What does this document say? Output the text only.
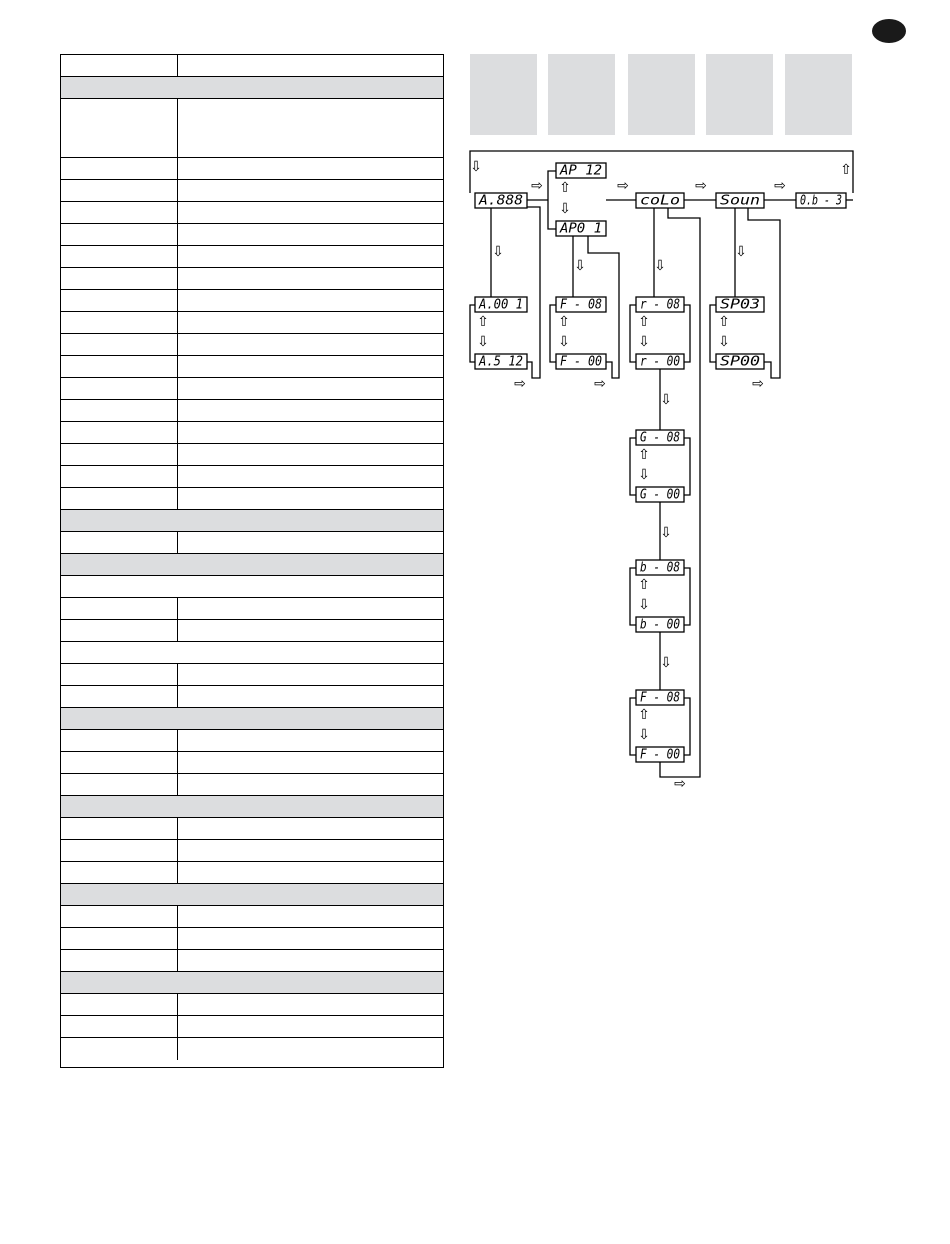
⇩	⇧
A.888
AP 12
coLo	Soun	0.b - 3
⇨	⇨	⇨	⇨
AP0 1
⇧
⇩
⇩
A.00 1
A.5 12
⇧
⇩
⇨
⇩
F - 08
F - 00
⇧
⇩
⇨
⇩
r - 08
r - 00
⇧
⇩
⇩
G - 08
G - 00
⇧
⇩
⇩
b - 08
b - 00
⇧
⇩
⇩
F - 08
F - 00
⇧
⇩
⇨
⇩
SP03
SP00
⇧
⇩
⇨
